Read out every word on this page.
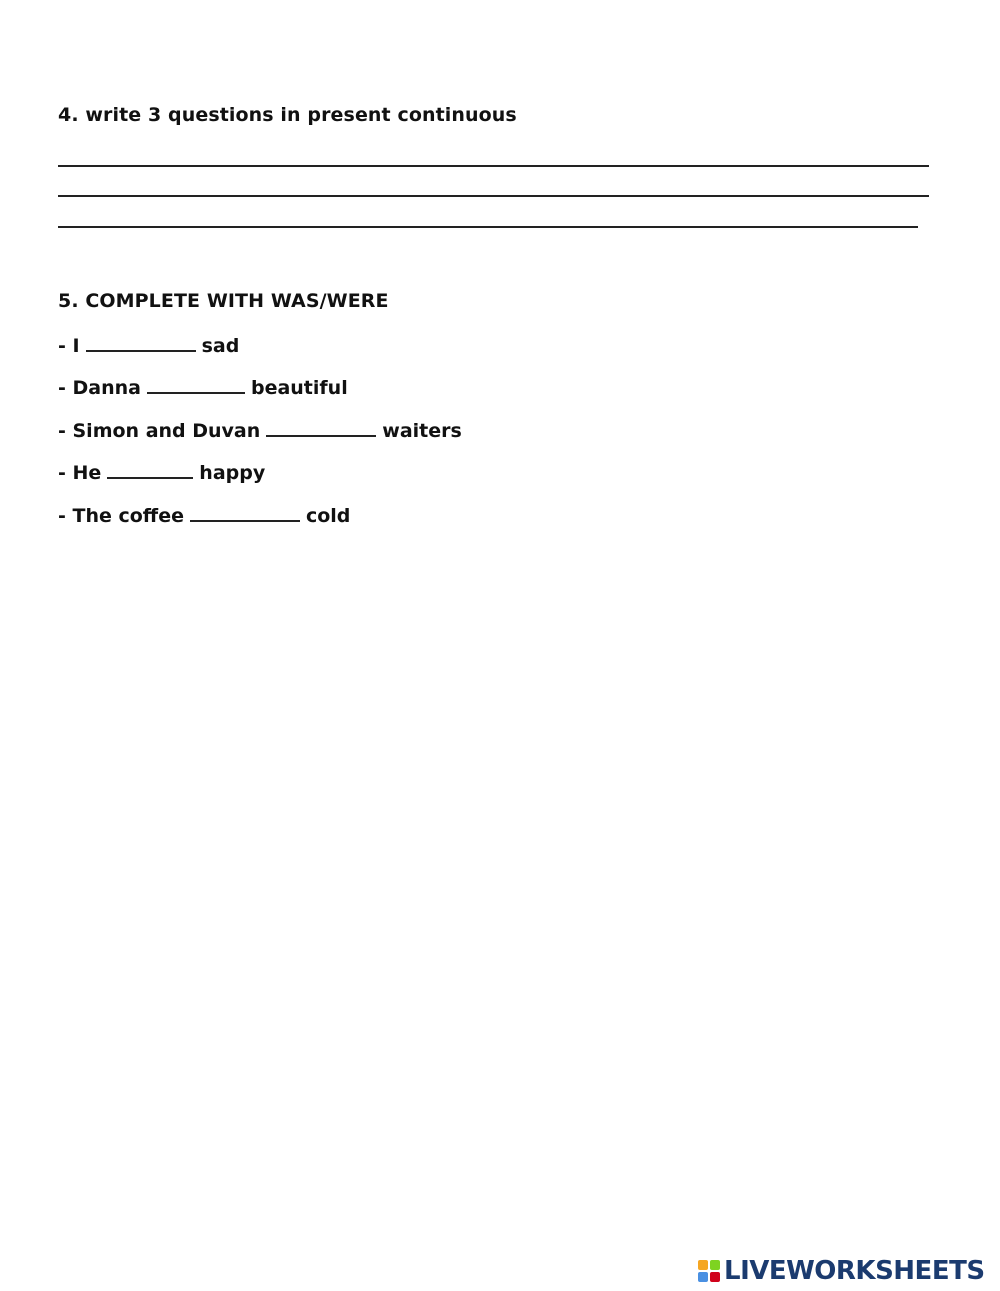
4. write 3 questions in present continuous
5. COMPLETE WITH WAS/WERE
- I	sad
- Danna	beautiful
- Simon and Duvan	waiters
- He	happy
- The coffee	cold
LIVEWORKSHEETS
